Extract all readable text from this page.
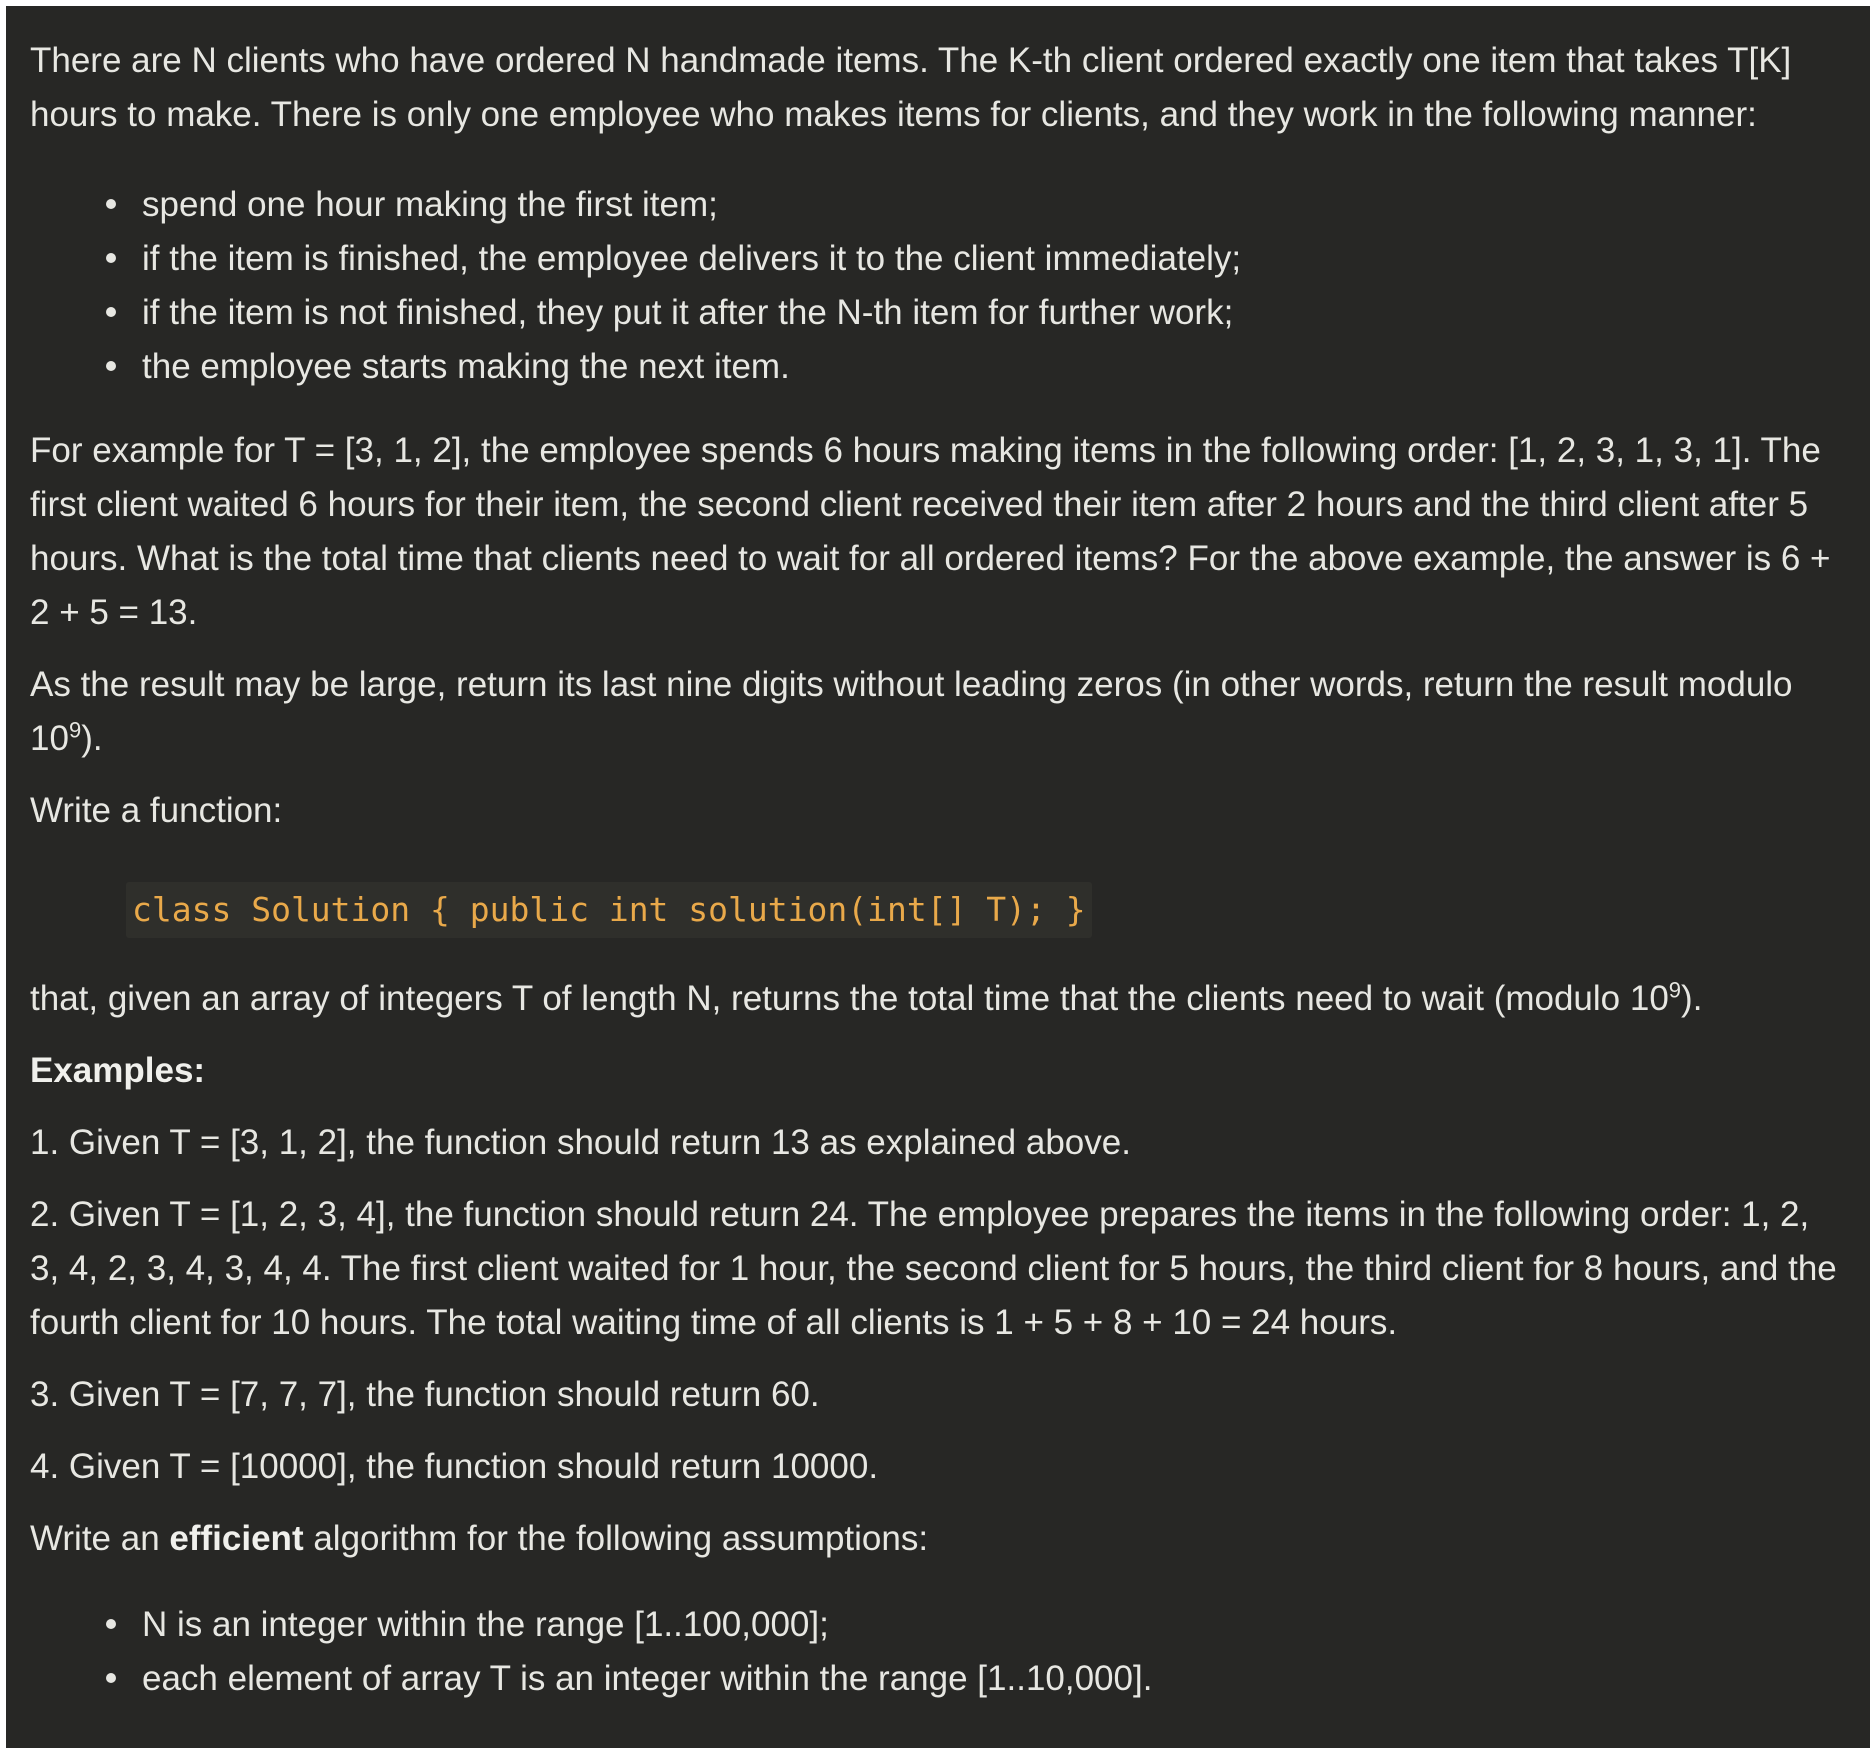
There are N clients who have ordered N handmade items. The K-th client ordered exactly one item that takes T[K] hours to make. There is only one employee who makes items for clients, and they work in the following manner:

spend one hour making the first item;
if the item is finished, the employee delivers it to the client immediately;
if the item is not finished, they put it after the N-th item for further work;
the employee starts making the next item.

For example for T = [3, 1, 2], the employee spends 6 hours making items in the following order: [1, 2, 3, 1, 3, 1]. The first client waited 6 hours for their item, the second client received their item after 2 hours and the third client after 5 hours. What is the total time that clients need to wait for all ordered items? For the above example, the answer is 6 + 2 + 5 = 13.

As the result may be large, return its last nine digits without leading zeros (in other words, return the result modulo $10^9$).

Write a function:

class Solution { public int solution(int[] T); }

that, given an array of integers T of length N, returns the total time that the clients need to wait (modulo $10^9$).

Examples:

1. Given T = [3, 1, 2], the function should return 13 as explained above.

2. Given T = [1, 2, 3, 4], the function should return 24. The employee prepares the items in the following order: 1, 2, 3, 4, 2, 3, 4, 3, 4, 4. The first client waited for 1 hour, the second client for 5 hours, the third client for 8 hours, and the fourth client for 10 hours. The total waiting time of all clients is 1 + 5 + 8 + 10 = 24 hours.

3. Given T = [7, 7, 7], the function should return 60.

4. Given T = [10000], the function should return 10000.

Write an efficient algorithm for the following assumptions:

N is an integer within the range [1..100,000];
each element of array T is an integer within the range [1..10,000].
